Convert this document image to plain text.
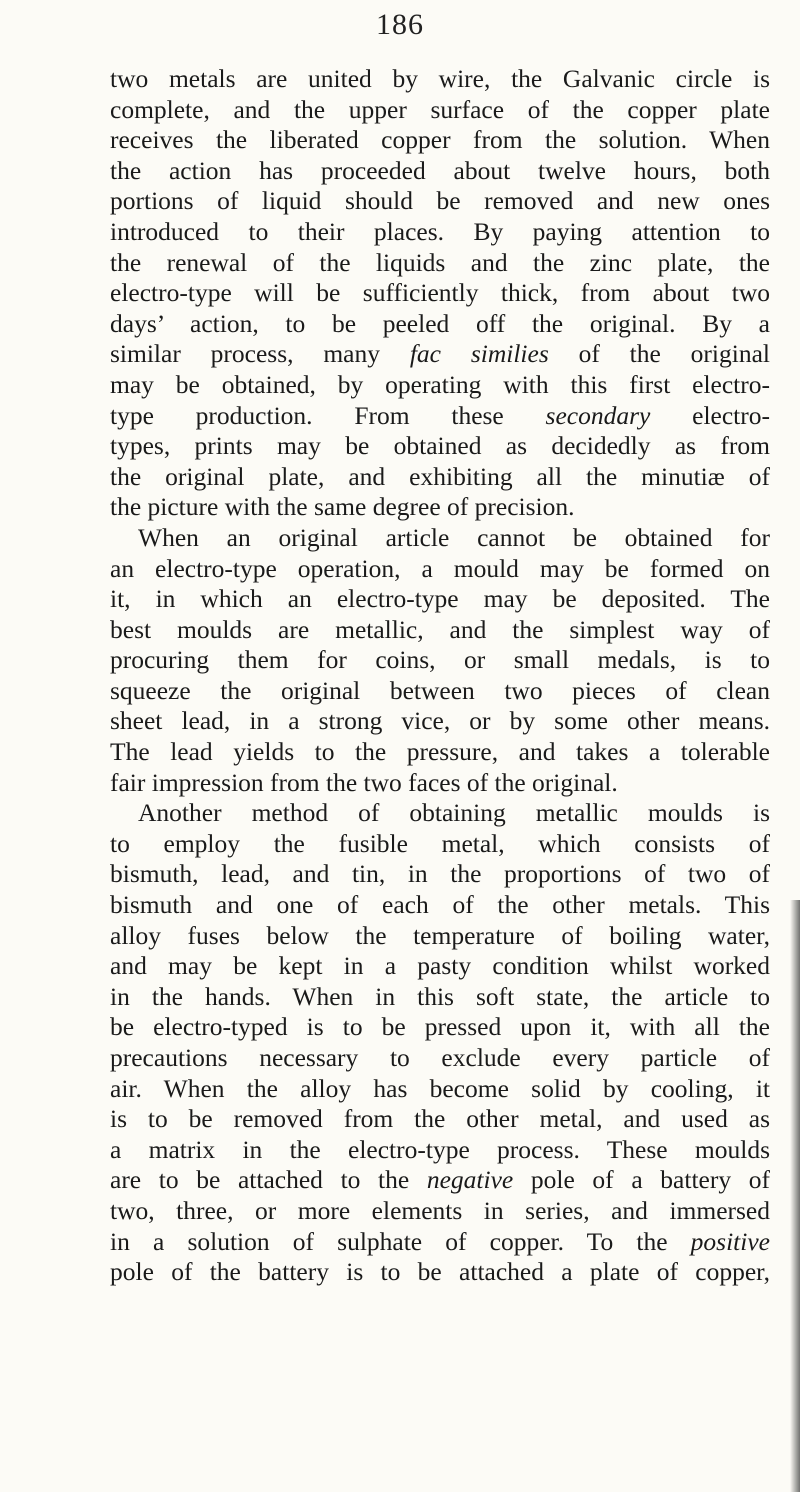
186
two metals are united by wire, the Galvanic circle is
complete, and the upper surface of the copper plate
receives the liberated copper from the solution. When
the action has proceeded about twelve hours, both
portions of liquid should be removed and new ones
introduced to their places. By paying attention to
the renewal of the liquids and the zinc plate, the
electro-type will be sufficiently thick, from about two
days’ action, to be peeled off the original. By a
similar process, many fac similies of the original
may be obtained, by operating with this first electro-
type production. From these secondary electro-
types, prints may be obtained as decidedly as from
the original plate, and exhibiting all the minutiæ of
the picture with the same degree of precision.
When an original article cannot be obtained for
an electro-type operation, a mould may be formed on
it, in which an electro-type may be deposited. The
best moulds are metallic, and the simplest way of
procuring them for coins, or small medals, is to
squeeze the original between two pieces of clean
sheet lead, in a strong vice, or by some other means.
The lead yields to the pressure, and takes a tolerable
fair impression from the two faces of the original.
Another method of obtaining metallic moulds is
to employ the fusible metal, which consists of
bismuth, lead, and tin, in the proportions of two of
bismuth and one of each of the other metals. This
alloy fuses below the temperature of boiling water,
and may be kept in a pasty condition whilst worked
in the hands. When in this soft state, the article to
be electro-typed is to be pressed upon it, with all the
precautions necessary to exclude every particle of
air. When the alloy has become solid by cooling, it
is to be removed from the other metal, and used as
a matrix in the electro-type process. These moulds
are to be attached to the negative pole of a battery of
two, three, or more elements in series, and immersed
in a solution of sulphate of copper. To the positive
pole of the battery is to be attached a plate of copper,
